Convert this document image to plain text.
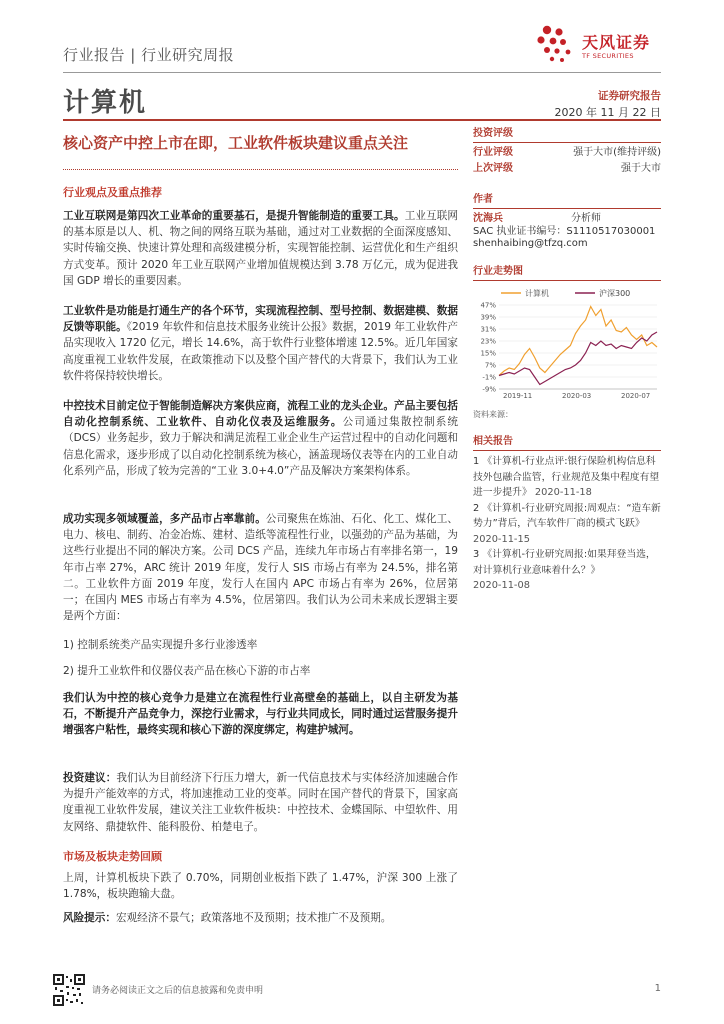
行业报告 | 行业研究周报
天风证券
TF SECURITIES
计算机	证券研究报告
2020 年 11 月 22 日
核心资产中控上市在即，工业软件板块建议重点关注
行业观点及重点推荐
工业互联网是第四次工业革命的重要基石，是提升智能制造的重要工具。工业互联网的基本原是以人、机、物之间的网络互联为基础，通过对工业数据的全面深度感知、实时传输交换、快速计算处理和高级建模分析，实现智能控制、运营优化和生产组织方式变革。预计 2020 年工业互联网产业增加值规模达到 3.78 万亿元，成为促进我国 GDP 增长的重要因素。
工业软件是功能是打通生产的各个环节，实现流程控制、型号控制、数据建模、数据反馈等职能。《2019 年软件和信息技术服务业统计公报》数据，2019 年工业软件产品实现收入 1720 亿元，增长 14.6%，高于软件行业整体增速 12.5%。近几年国家高度重视工业软件发展，在政策推动下以及整个国产替代的大背景下，我们认为工业软件将保持较快增长。
中控技术目前定位于智能制造解决方案供应商，流程工业的龙头企业。产品主要包括自动化控制系统、工业软件、自动化仪表及运维服务。公司通过集散控制系统（DCS）业务起步，致力于解决和满足流程工业企业生产运营过程中的自动化问题和信息化需求，逐步形成了以自动化控制系统为核心，涵盖现场仪表等在内的工业自动化系列产品，形成了较为完善的“工业 3.0+4.0”产品及解决方案架构体系。
成功实现多领域覆盖，多产品市占率靠前。公司聚焦在炼油、石化、化工、煤化工、电力、核电、制药、冶金冶炼、建材、造纸等流程性行业，以强劲的产品为基础，为这些行业提出不同的解决方案。公司 DCS 产品，连续九年市场占有率排名第一，19 年市占率 27%，ARC 统计 2019 年度，发行人 SIS 市场占有率为 24.5%，排名第二。工业软件方面 2019 年度，发行人在国内 APC 市场占有率为 26%，位居第一；在国内 MES 市场占有率为 4.5%，位居第四。我们认为公司未来成长逻辑主要是两个方面：
1) 控制系统类产品实现提升多行业渗透率
2) 提升工业软件和仪器仪表产品在核心下游的市占率
我们认为中控的核心竞争力是建立在流程性行业高壁垒的基础上，以自主研发为基石，不断提升产品竞争力，深挖行业需求，与行业共同成长，同时通过运营服务提升增强客户粘性，最终实现和核心下游的深度绑定，构建护城河。
投资建议：我们认为目前经济下行压力增大，新一代信息技术与实体经济加速融合作为提升产能效率的方式，将加速推动工业的变革。同时在国产替代的背景下，国家高度重视工业软件发展，建议关注工业软件板块：中控技术、金蝶国际、中望软件、用友网络、鼎捷软件、能科股份、柏楚电子。
市场及板块走势回顾
上周，计算机板块下跌了 0.70%，同期创业板指下跌了 1.47%，沪深 300 上涨了 1.78%，板块跑输大盘。
风险提示：宏观经济不景气；政策落地不及预期；技术推广不及预期。
投资评级
行业评级	强于大市(维持评级)
上次评级	强于大市
作者
沈海兵	分析师
SAC 执业证书编号：S1110517030001
shenhaibing@tfzq.com
行业走势图
计算机	沪深300
47%
39%
31%
23%
15%
7%
-1%
-9%
2019-11	2020-03	2020-07
资料来源：
相关报告
1 《计算机-行业点评:银行保险机构信息科技外包融合监管，行业规范及集中程度有望进一步提升》 2020-11-18
2 《计算机-行业研究周报:周观点：“造车新势力”背后，汽车软件厂商的模式飞跃》 2020-11-15
3 《计算机-行业研究周报:如果拜登当选，对计算机行业意味着什么？》
2020-11-08
请务必阅读正文之后的信息披露和免责申明	1
